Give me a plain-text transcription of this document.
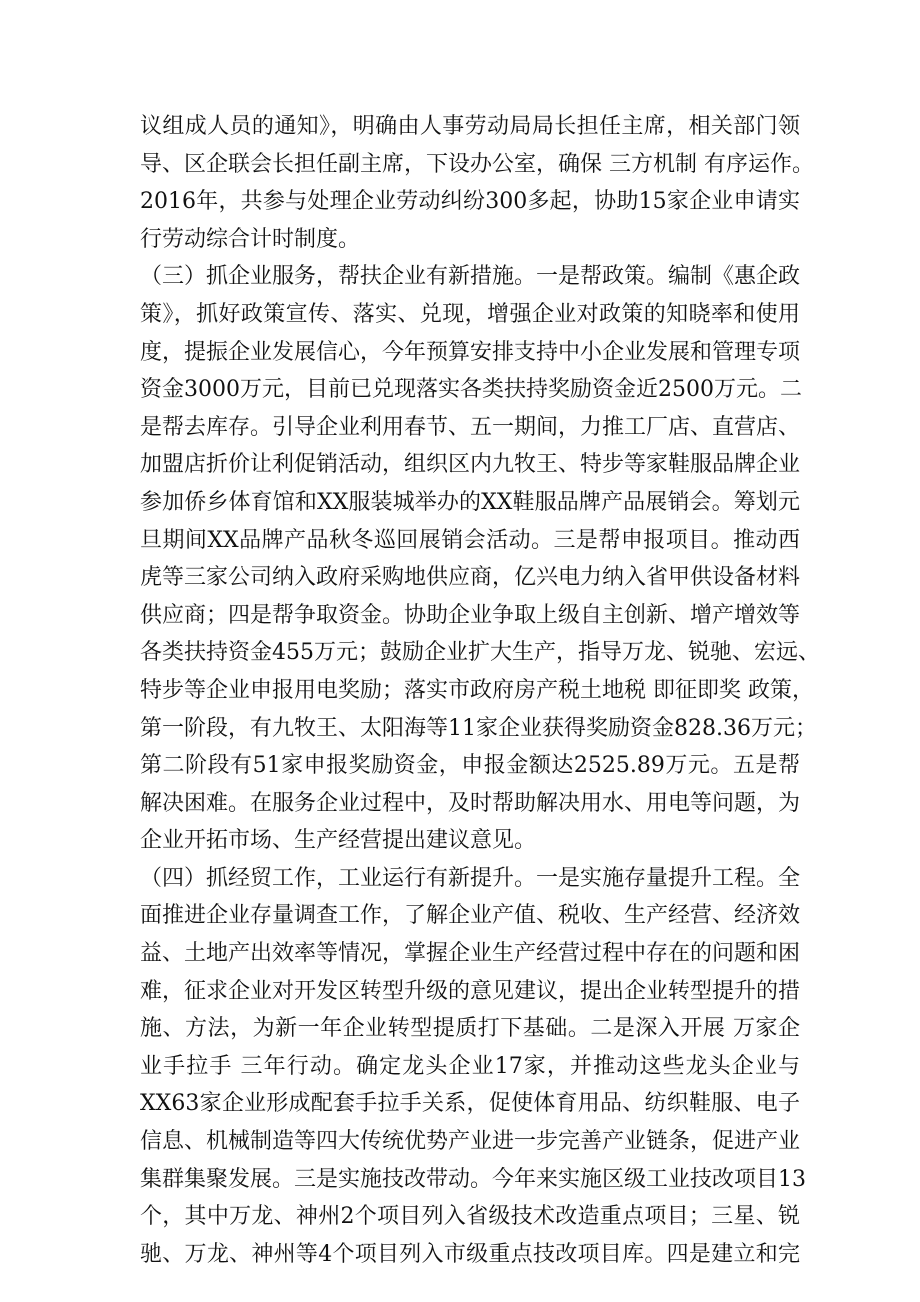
议组成人员的通知》，明确由人事劳动局局长担任主席，相关部门领
导、区企联会长担任副主席，下设办公室，确保 三方机制 有序运作。
2016年，共参与处理企业劳动纠纷300多起，协助15家企业申请实
行劳动综合计时制度。
（三）抓企业服务，帮扶企业有新措施。一是帮政策。编制《惠企政
策》，抓好政策宣传、落实、兑现，增强企业对政策的知晓率和使用
度，提振企业发展信心，今年预算安排支持中小企业发展和管理专项
资金3000万元，目前已兑现落实各类扶持奖励资金近2500万元。二
是帮去库存。引导企业利用春节、五一期间，力推工厂店、直营店、
加盟店折价让利促销活动，组织区内九牧王、特步等家鞋服品牌企业
参加侨乡体育馆和XX服装城举办的XX鞋服品牌产品展销会。筹划元
旦期间XX品牌产品秋冬巡回展销会活动。三是帮申报项目。推动西
虎等三家公司纳入政府采购地供应商，亿兴电力纳入省甲供设备材料
供应商；四是帮争取资金。协助企业争取上级自主创新、增产增效等
各类扶持资金455万元；鼓励企业扩大生产，指导万龙、锐驰、宏远、
特步等企业申报用电奖励；落实市政府房产税土地税 即征即奖 政策，
第一阶段，有九牧王、太阳海等11家企业获得奖励资金828.36万元；
第二阶段有51家申报奖励资金，申报金额达2525.89万元。五是帮
解决困难。在服务企业过程中，及时帮助解决用水、用电等问题，为
企业开拓市场、生产经营提出建议意见。
（四）抓经贸工作，工业运行有新提升。一是实施存量提升工程。全
面推进企业存量调查工作，了解企业产值、税收、生产经营、经济效
益、土地产出效率等情况，掌握企业生产经营过程中存在的问题和困
难，征求企业对开发区转型升级的意见建议，提出企业转型提升的措
施、方法，为新一年企业转型提质打下基础。二是深入开展 万家企
业手拉手 三年行动。确定龙头企业17家，并推动这些龙头企业与
XX63家企业形成配套手拉手关系，促使体育用品、纺织鞋服、电子
信息、机械制造等四大传统优势产业进一步完善产业链条，促进产业
集群集聚发展。三是实施技改带动。今年来实施区级工业技改项目13
个，其中万龙、神州2个项目列入省级技术改造重点项目；三星、锐
驰、万龙、神州等4个项目列入市级重点技改项目库。四是建立和完
